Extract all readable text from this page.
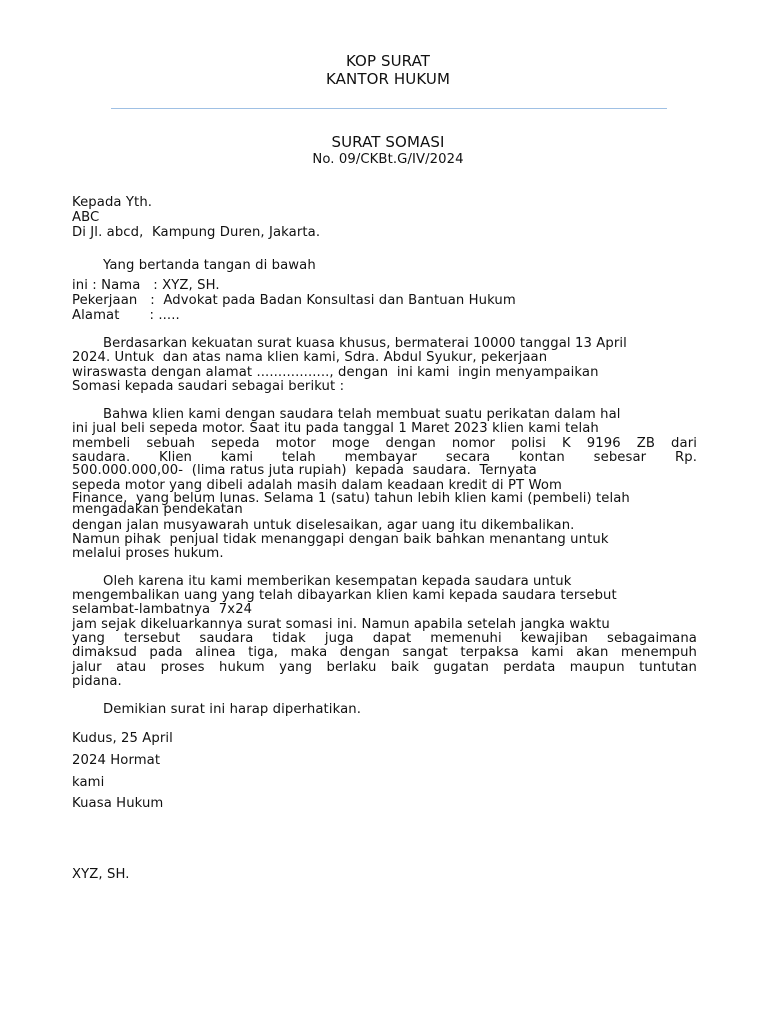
KOP SURAT
KANTOR HUKUM
SURAT SOMASI
No. 09/CKBt.G/IV/2024
Kepada Yth.
ABC
Di Jl. abcd,  Kampung Duren, Jakarta.
Yang bertanda tangan di bawah
ini : Nama   : XYZ, SH.
Pekerjaan   :  Advokat pada Badan Konsultasi dan Bantuan Hukum
Alamat       : .....
Berdasarkan kekuatan surat kuasa khusus, bermaterai 10000 tanggal 13 April
2024. Untuk  dan atas nama klien kami, Sdra. Abdul Syukur, pekerjaan
wiraswasta dengan alamat ................., dengan  ini kami  ingin menyampaikan
Somasi kepada saudari sebagai berikut :
Bahwa klien kami dengan saudara telah membuat suatu perikatan dalam hal
ini jual beli sepeda motor. Saat itu pada tanggal 1 Maret 2023 klien kami telah
membeli sebuah sepeda motor moge dengan nomor polisi K 9196 ZB dari
saudara. Klien kami telah membayar secara kontan sebesar Rp.
500.000.000,00-  (lima ratus juta rupiah)  kepada  saudara.  Ternyata
sepeda motor yang dibeli adalah masih dalam keadaan kredit di PT Wom
Finance,  yang belum lunas. Selama 1 (satu) tahun lebih klien kami (pembeli) telah
mengadakan pendekatan
dengan jalan musyawarah untuk diselesaikan, agar uang itu dikembalikan.
Namun pihak  penjual tidak menanggapi dengan baik bahkan menantang untuk
melalui proses hukum.
Oleh karena itu kami memberikan kesempatan kepada saudara untuk
mengembalikan uang yang telah dibayarkan klien kami kepada saudara tersebut
selambat-lambatnya  7x24
jam sejak dikeluarkannya surat somasi ini. Namun apabila setelah jangka waktu
yang tersebut saudara tidak juga dapat memenuhi kewajiban sebagaimana
dimaksud pada alinea tiga, maka dengan sangat terpaksa kami akan menempuh
jalur atau proses hukum yang berlaku baik gugatan perdata maupun tuntutan
pidana.
Demikian surat ini harap diperhatikan.
Kudus, 25 April
2024 Hormat
kami
Kuasa Hukum
XYZ, SH.
